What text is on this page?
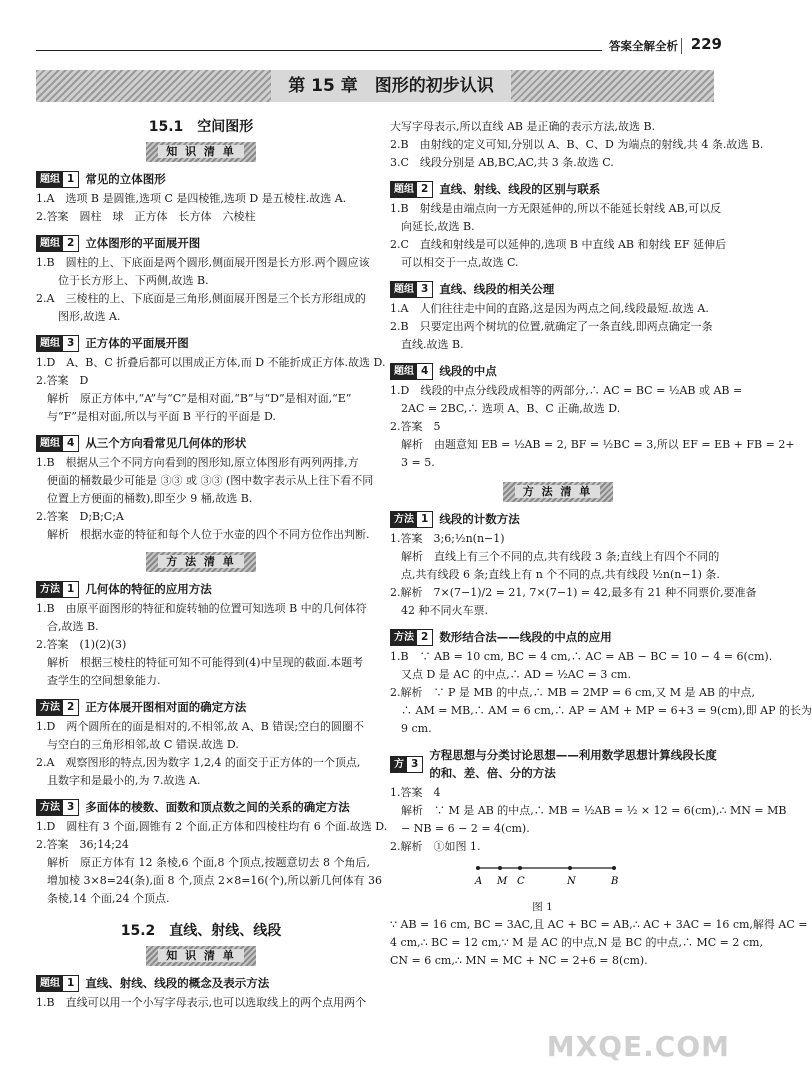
答案全解全析 229
第 15 章　图形的初步认识
15.1　空间图形
知 识 清 单
题组 1 常见的立体图形
1.A　选项 B 是圆锥,选项 C 是四棱锥,选项 D 是五棱柱.故选 A.
2.答案　圆柱　球　正方体　长方体　六棱柱
题组 2 立体图形的平面展开图
1.B　圆柱的上、下底面是两个圆形,侧面展开图是长方形.两个圆应该
　　位于长方形上、下两侧,故选 B.
2.A　三棱柱的上、下底面是三角形,侧面展开图是三个长方形组成的
　　图形,故选 A.
题组 3 正方体的平面展开图
1.D　A、B、C 折叠后都可以围成正方体,而 D 不能折成正方体.故选 D.
2.答案　D
　解析　原正方体中,“A”与“C”是相对面,“B”与“D”是相对面,“E”
　与“F”是相对面,所以与平面 B 平行的平面是 D.
题组 4 从三个方向看常见几何体的形状
1.B　根据从三个不同方向看到的图形知,原立体图形有两列两排,方
　便面的桶数最少可能是 ③③ 或 ③③ (图中数字表示从上往下看不同
　位置上方便面的桶数),即至少 9 桶,故选 B.
2.答案　D;B;C;A
　解析　根据水壶的特征和每个人位于水壶的四个不同方位作出判断.
方 法 清 单
方法 1 几何体的特征的应用方法
1.B　由原平面图形的特征和旋转轴的位置可知选项 B 中的几何体符
　合,故选 B.
2.答案　(1)(2)(3)
　解析　根据三棱柱的特征可知不可能得到(4)中呈现的截面.本题考
　查学生的空间想象能力.
方法 2 正方体展开图相对面的确定方法
1.D　两个圆所在的面是相对的,不相邻,故 A、B 错误;空白的圆圈不
　与空白的三角形相邻,故 C 错误.故选 D.
2.A　观察图形的特点,因为数字 1,2,4 的面交于正方体的一个顶点,
　且数字和是最小的,为 7.故选 A.
方法 3 多面体的棱数、面数和顶点数之间的关系的确定方法
1.D　圆柱有 3 个面,圆锥有 2 个面,正方体和四棱柱均有 6 个面.故选 D.
2.答案　36;14;24
　解析　原正方体有 12 条棱,6 个面,8 个顶点,按题意切去 8 个角后,
　增加棱 3×8=24(条),面 8 个,顶点 2×8=16(个),所以新几何体有 36
　条棱,14 个面,24 个顶点.
15.2　直线、射线、线段
知 识 清 单
题组 1 直线、射线、线段的概念及表示方法
1.B　直线可以用一个小写字母表示,也可以选取线上的两个点用两个
大写字母表示,所以直线 AB 是正确的表示方法,故选 B.
2.B　由射线的定义可知,分别以 A、B、C、D 为端点的射线,共 4 条.故选 B.
3.C　线段分别是 AB,BC,AC,共 3 条.故选 C.
题组 2 直线、射线、线段的区别与联系
1.B　射线是由端点向一方无限延伸的,所以不能延长射线 AB,可以反
　向延长,故选 B.
2.C　直线和射线是可以延伸的,选项 B 中直线 AB 和射线 EF 延伸后
　可以相交于一点,故选 C.
题组 3 直线、线段的相关公理
1.A　人们往往走中间的直路,这是因为两点之间,线段最短.故选 A.
2.B　只要定出两个树坑的位置,就确定了一条直线,即两点确定一条
　直线.故选 B.
题组 4 线段的中点
1.D　线段的中点分线段成相等的两部分,∴ AC = BC = ½AB 或 AB =
　2AC = 2BC,∴ 选项 A、B、C 正确,故选 D.
2.答案　5
　解析　由题意知 EB = ½AB = 2, BF = ½BC = 3,所以 EF = EB + FB = 2+
　3 = 5.
方 法 清 单
方法 1 线段的计数方法
1.答案　3;6;½n(n−1)
　解析　直线上有三个不同的点,共有线段 3 条;直线上有四个不同的
　点,共有线段 6 条;直线上有 n 个不同的点,共有线段 ½n(n−1) 条.
2.解析　7×(7−1)/2 = 21, 7×(7−1) = 42,最多有 21 种不同票价,要准备
　42 种不同火车票.
方法 2 数形结合法——线段的中点的应用
1.B　∵ AB = 10 cm, BC = 4 cm,∴ AC = AB − BC = 10 − 4 = 6(cm).
　又点 D 是 AC 的中点,∴ AD = ½AC = 3 cm.
2.解析　∵ P 是 MB 的中点,∴ MB = 2MP = 6 cm,又 M 是 AB 的中点,
　∴ AM = MB,∴ AM = 6 cm,∴ AP = AM + MP = 6+3 = 9(cm),即 AP 的长为
　9 cm.
方法
3
方程思想与分类讨论思想——利用数学思想计算线段长度的和、差、倍、分的方法
1.答案　4
　解析　∵ M 是 AB 的中点,∴ MB = ½AB = ½ × 12 = 6(cm),∴ MN = MB
　− NB = 6 − 2 = 4(cm).
2.解析　①如图 1.
A M C	N	B
图 1
∵ AB = 16 cm, BC = 3AC,且 AC + BC = AB,∴ AC + 3AC = 16 cm,解得 AC =
4 cm,∴ BC = 12 cm,∵ M 是 AC 的中点,N 是 BC 的中点,∴ MC = 2 cm,
CN = 6 cm,∴ MN = MC + NC = 2+6 = 8(cm).
MXQE.COM
